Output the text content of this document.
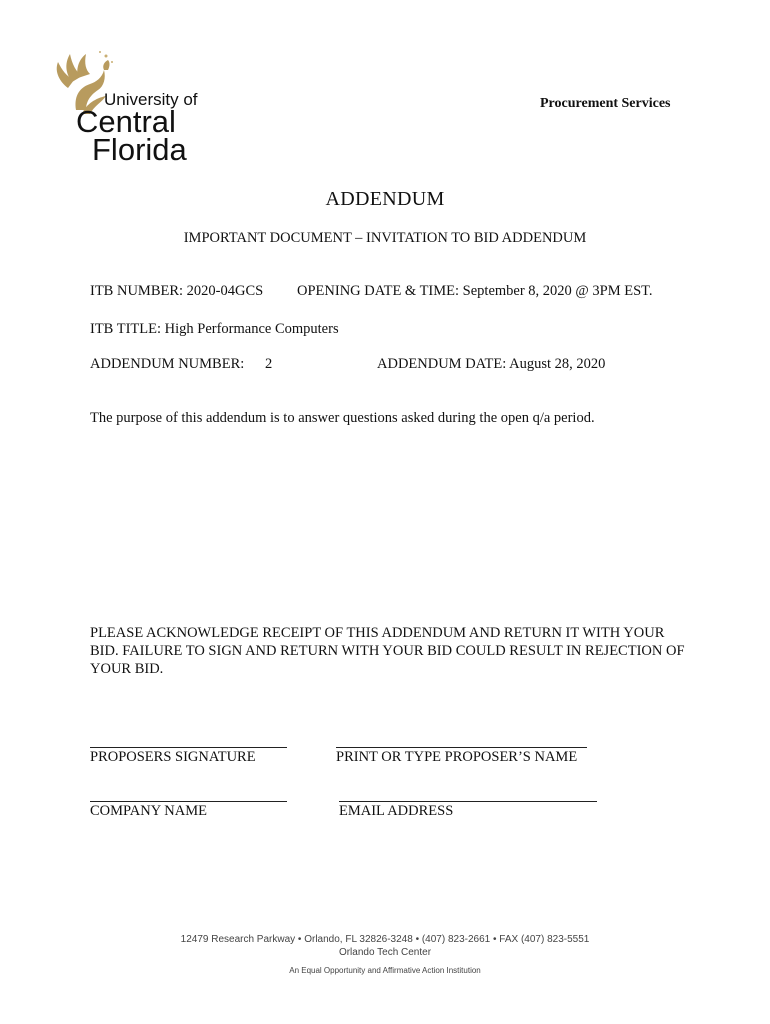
University of
Central
Florida
Procurement Services
ADDENDUM
IMPORTANT DOCUMENT – INVITATION TO BID ADDENDUM
ITB NUMBER: 2020-04GCS OPENING DATE & TIME: September 8, 2020 @ 3PM EST.
ITB TITLE: High Performance Computers
ADDENDUM NUMBER: 2	ADDENDUM DATE: August 28, 2020
The purpose of this addendum is to answer questions asked during the open q/a period.
PLEASE ACKNOWLEDGE RECEIPT OF THIS ADDENDUM AND RETURN IT WITH YOUR BID. FAILURE TO SIGN AND RETURN WITH YOUR BID COULD RESULT IN REJECTION OF YOUR BID.
PROPOSERS SIGNATURE	PRINT OR TYPE PROPOSER’S NAME
COMPANY NAME	EMAIL ADDRESS
12479 Research Parkway • Orlando, FL 32826-3248 • (407) 823-2661 • FAX (407) 823-5551
Orlando Tech Center
An Equal Opportunity and Affirmative Action Institution
